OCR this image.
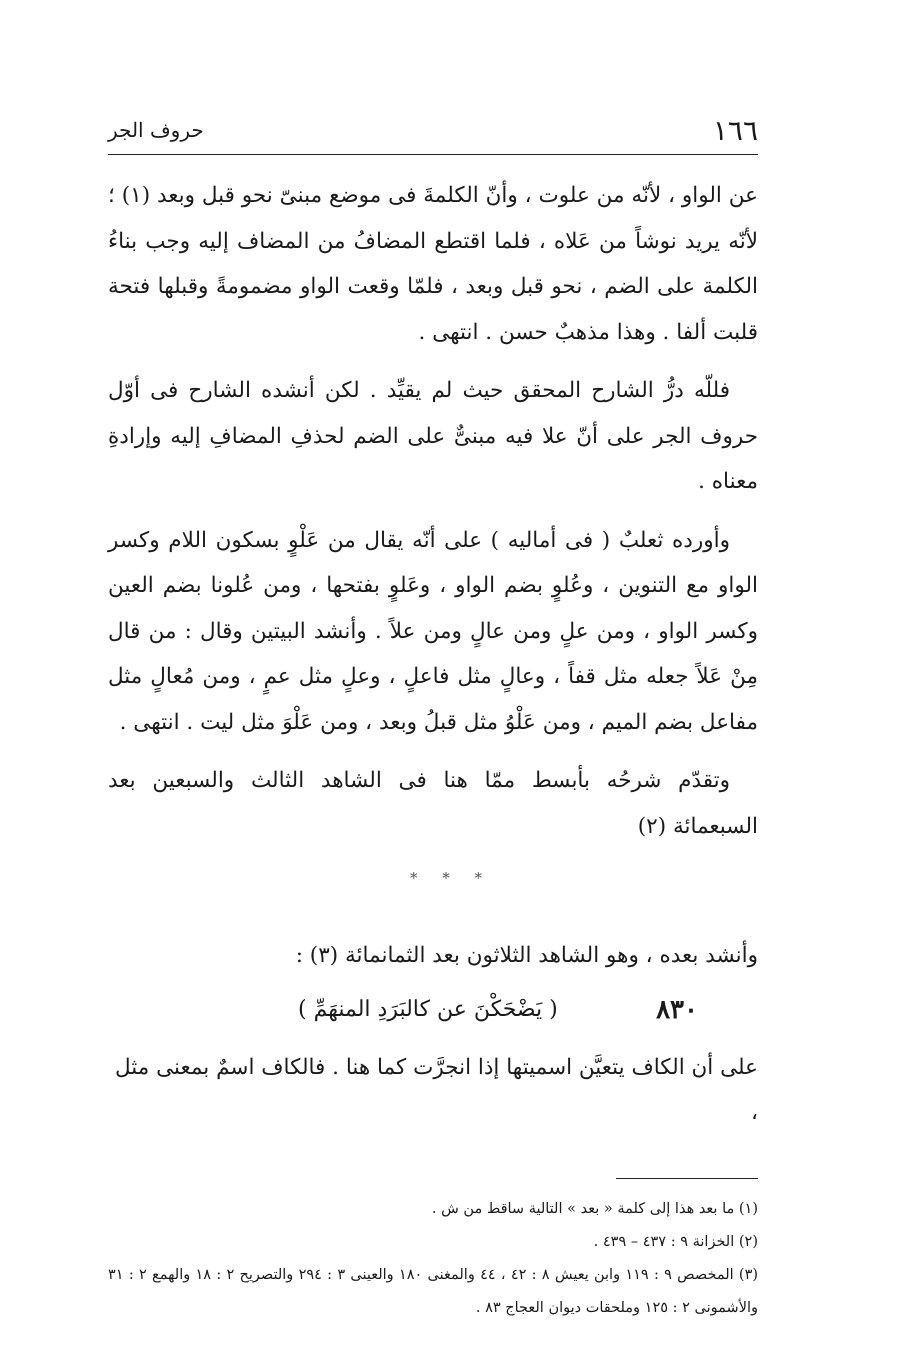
١٦٦
حروف الجر

عن الواو ، لأنّه من علوت ، وأنّ الكلمةَ فى موضع مبنىّ نحو قبل وبعد (١) ؛ لأنّه يريد نوشاً من عَلاه ، فلما اقتطع المضافُ من المضاف إليه وجب بناءُ الكلمة على الضم ، نحو قبل وبعد ، فلمّا وقعت الواو مضمومةً وقبلها فتحة قلبت ألفا . وهذا مذهبٌ حسن . انتهى .

فللّه درُّ الشارح المحقق حيث لم يقيِّد . لكن أنشده الشارح فى أوّل حروف الجر على أنّ علا فيه مبنىٌّ على الضم لحذفِ المضافِ إليه وإرادةِ معناه .

وأورده ثعلبٌ ( فى أماليه ) على أنّه يقال من عَلْوٍ بسكون اللام وكسر الواو مع التنوين ، وعُلوٍ بضم الواو ، وعَلوٍ بفتحها ، ومن عُلونا بضم العين وكسر الواو ، ومن علٍ ومن عالٍ ومن علاً . وأنشد البيتين وقال : من قال مِنْ عَلاً جعله مثل قفاً ، وعالٍ مثل فاعلٍ ، وعلٍ مثل عمٍ ، ومن مُعالٍ مثل مفاعل بضم الميم ، ومن عَلْوُ مثل قبلُ وبعد ، ومن عَلْوَ مثل ليت . انتهى .

وتقدّم شرحُه بأبسط ممّا هنا فى الشاهد الثالث والسبعين بعد السبعمائة (٢)

* * *

وأنشد بعده ، وهو الشاهد الثلاثون بعد الثمانمائة (٣) :

٨٣٠
( يَضْحَكْنَ عن كالبَرَدِ المنهَمِّ )

على أن الكاف يتعيَّن اسميتها إذا انجرَّت كما هنا . فالكاف اسمٌ بمعنى مثل ،

(١) ما بعد هذا إلى كلمة « بعد » التالية ساقط من ش .

(٢) الخزانة ٩ : ٤٣٧ – ٤٣٩ .

(٣) المخصص ٩ : ١١٩ وابن يعيش ٨ : ٤٢ ، ٤٤ والمغنى ١٨٠ والعينى ٣ : ٢٩٤ والتصريح ٢ : ١٨ والهمع ٢ : ٣١ والأشمونى ٢ : ١٢٥ وملحقات ديوان العجاج ٨٣ .
